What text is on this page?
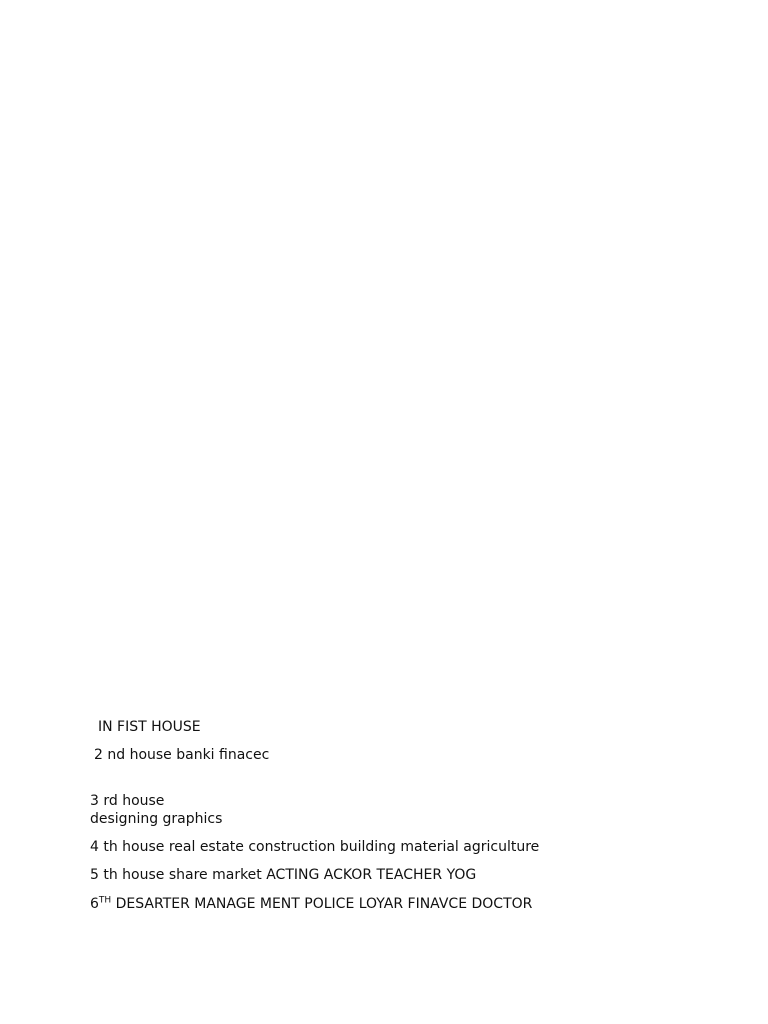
IN FIST HOUSE

2 nd house banki finacec

3 rd house

designing graphics

4 th house real estate construction building material agriculture

5 th house share market ACTING ACKOR TEACHER YOG

6TH DESARTER MANAGE MENT POLICE LOYAR FINAVCE DOCTOR
